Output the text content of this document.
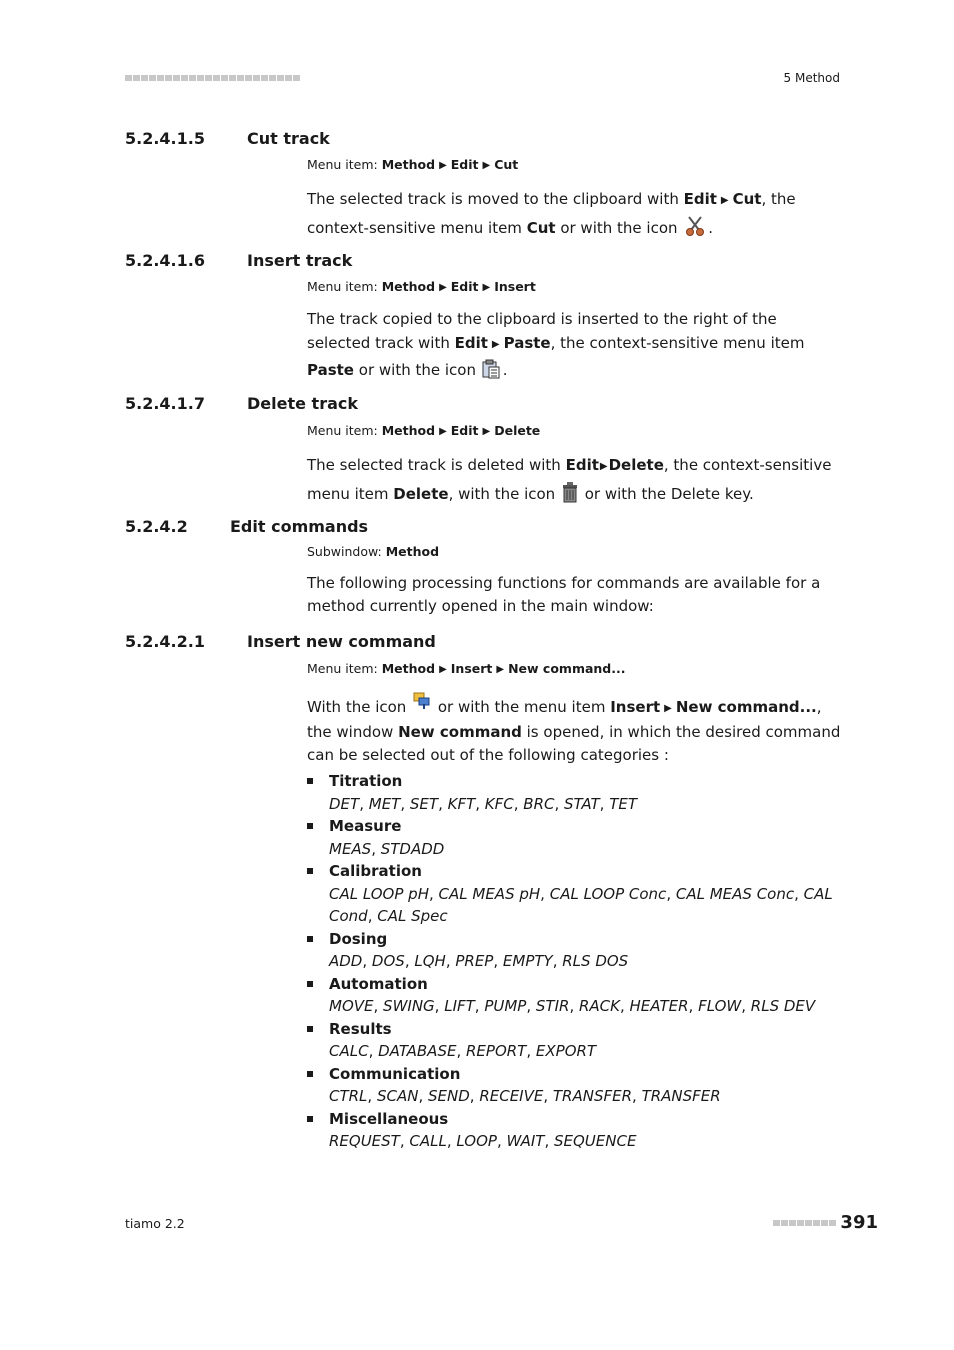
5 Method
5.2.4.1.5	Cut track
Menu item: Method ▶ Edit ▶ Cut
The selected track is moved to the clipboard with Edit ▶ Cut, the context-sensitive menu item Cut or with the icon .
5.2.4.1.6	Insert track
Menu item: Method ▶ Edit ▶ Insert
The track copied to the clipboard is inserted to the right of the selected track with Edit ▶ Paste, the context-sensitive menu item Paste or with the icon .
5.2.4.1.7	Delete track
Menu item: Method ▶ Edit ▶ Delete
The selected track is deleted with Edit▶Delete, the context-sensitive menu item Delete, with the icon  or with the Delete key.
5.2.4.2	Edit commands
Subwindow: Method
The following processing functions for commands are available for a method currently opened in the main window:
5.2.4.2.1	Insert new command
Menu item: Method ▶ Insert ▶ New command...
With the icon  or with the menu item Insert ▶ New command..., the window New command is opened, in which the desired command can be selected out of the following categories :
Titration
DET, MET, SET, KFT, KFC, BRC, STAT, TET
Measure
MEAS, STDADD
Calibration
CAL LOOP pH, CAL MEAS pH, CAL LOOP Conc, CAL MEAS Conc, CAL Cond, CAL Spec
Dosing
ADD, DOS, LQH, PREP, EMPTY, RLS DOS
Automation
MOVE, SWING, LIFT, PUMP, STIR, RACK, HEATER, FLOW, RLS DEV
Results
CALC, DATABASE, REPORT, EXPORT
Communication
CTRL, SCAN, SEND, RECEIVE, TRANSFER, TRANSFER
Miscellaneous
REQUEST, CALL, LOOP, WAIT, SEQUENCE
tiamo 2.2	391
